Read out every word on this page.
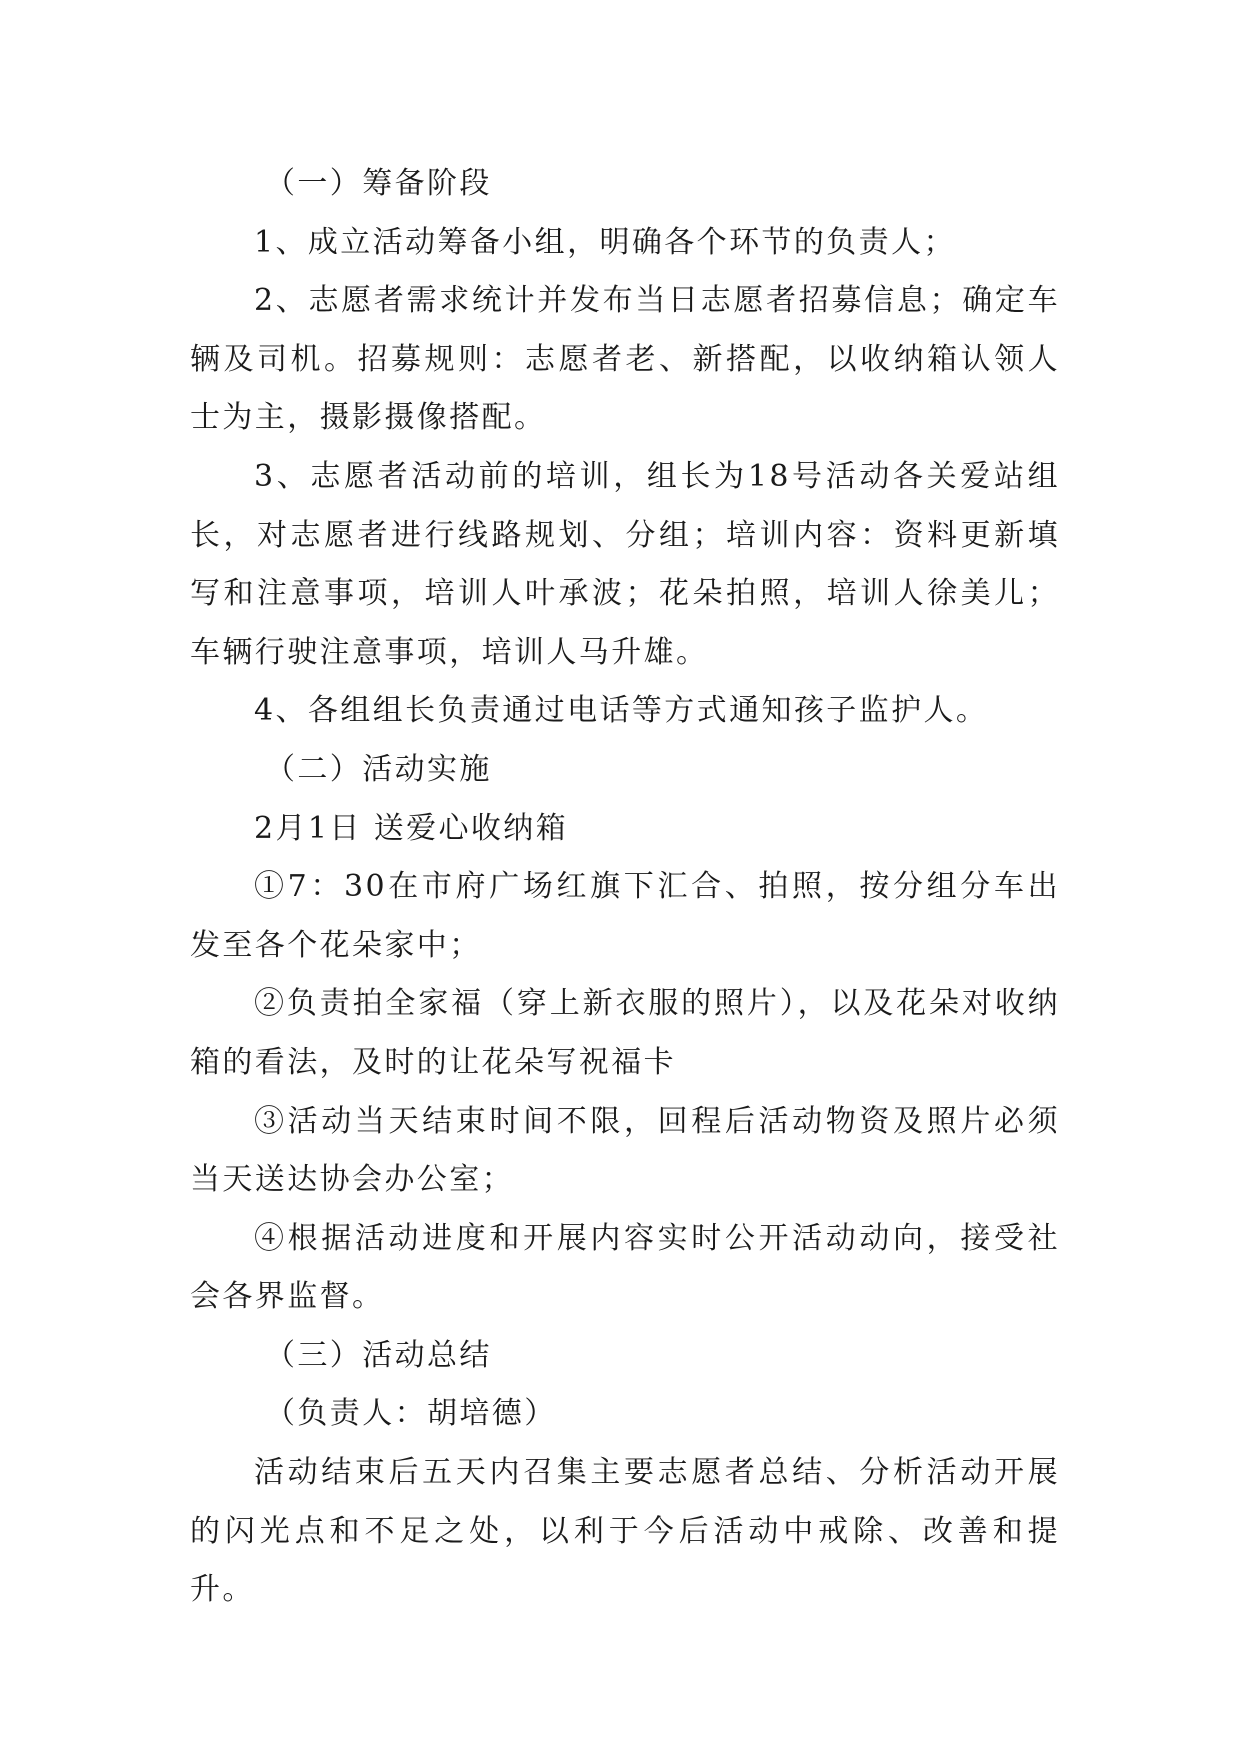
（一）筹备阶段

1、成立活动筹备小组，明确各个环节的负责人；

2、志愿者需求统计并发布当日志愿者招募信息；确定车辆及司机。招募规则：志愿者老、新搭配，以收纳箱认领人士为主，摄影摄像搭配。

3、志愿者活动前的培训，组长为18号活动各关爱站组长，对志愿者进行线路规划、分组；培训内容：资料更新填写和注意事项，培训人叶承波；花朵拍照，培训人徐美儿；车辆行驶注意事项，培训人马升雄。

4、各组组长负责通过电话等方式通知孩子监护人。

（二）活动实施

2月1日 送爱心收纳箱

①7：30在市府广场红旗下汇合、拍照，按分组分车出发至各个花朵家中；

②负责拍全家福（穿上新衣服的照片），以及花朵对收纳箱的看法，及时的让花朵写祝福卡

③活动当天结束时间不限，回程后活动物资及照片必须当天送达协会办公室；

④根据活动进度和开展内容实时公开活动动向，接受社会各界监督。

（三）活动总结

（负责人：胡培德）

活动结束后五天内召集主要志愿者总结、分析活动开展的闪光点和不足之处，以利于今后活动中戒除、改善和提升。
